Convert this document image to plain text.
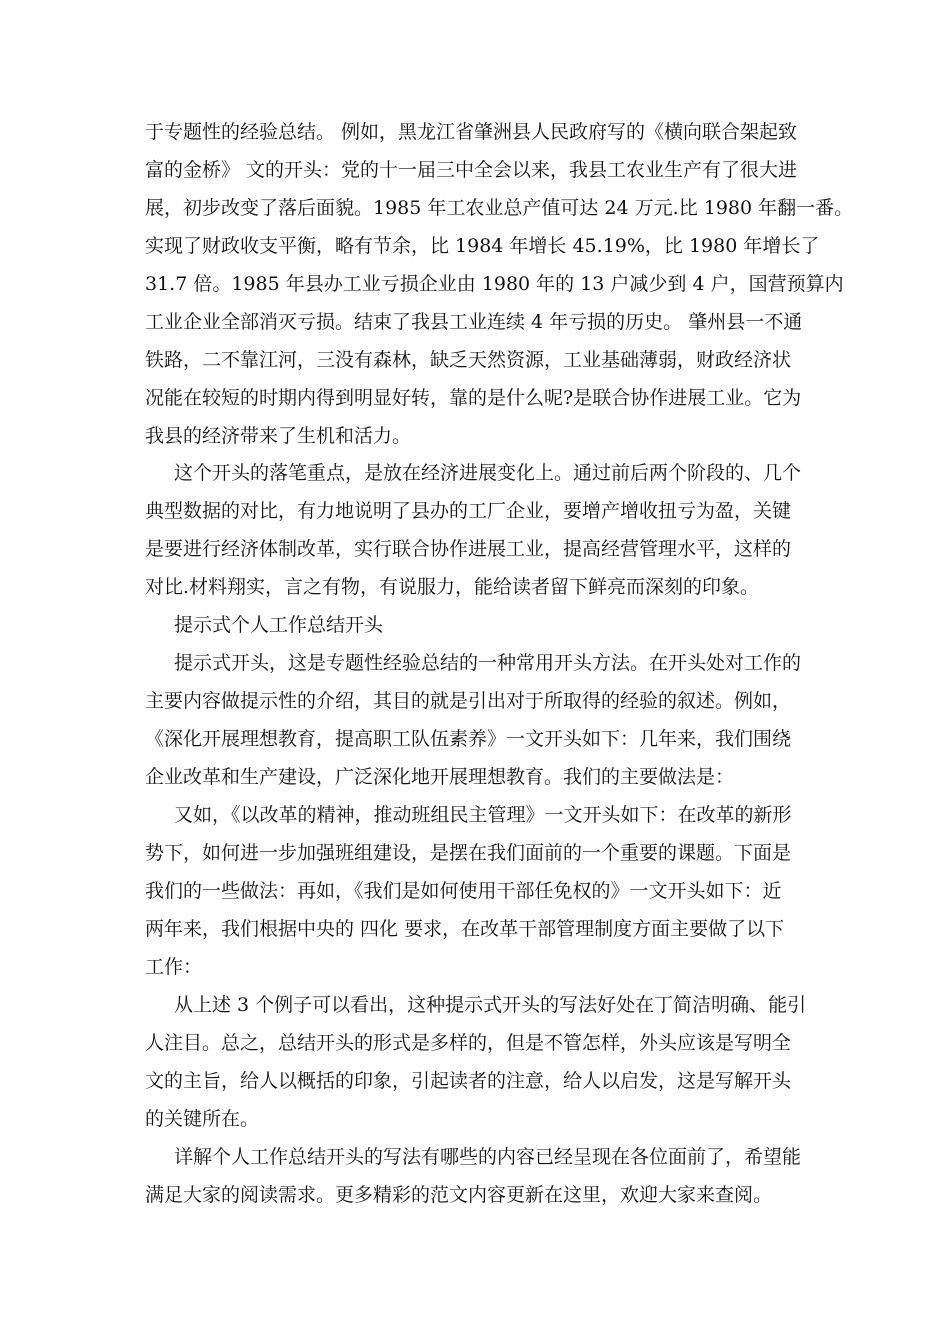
于专题性的经验总结。 例如，黑龙江省肇洲县人民政府写的《横向联合架起致
富的金桥》 文的开头：党的十一届三中全会以来，我县工农业生产有了很大进
展，初步改变了落后面貌。1985 年工农业总产值可达 24 万元.比 1980 年翻一番。
实现了财政收支平衡，略有节余，比 1984 年增长 45.19%，比 1980 年增长了
31.7 倍。1985 年县办工业亏损企业由 1980 年的 13 户减少到 4 户，国营预算内
工业企业全部消灭亏损。结束了我县工业连续 4 年亏损的历史。 肇州县一不通
铁路，二不靠江河，三没有森林，缺乏天然资源，工业基础薄弱，财政经济状
况能在较短的时期内得到明显好转，靠的是什么呢?是联合协作进展工业。它为
我县的经济带来了生机和活力。
这个开头的落笔重点，是放在经济进展变化上。通过前后两个阶段的、几个
典型数据的对比，有力地说明了县办的工厂企业，要增产增收扭亏为盈，关键
是要进行经济体制改革，实行联合协作进展工业，提高经营管理水平，这样的
对比.材料翔实，言之有物，有说服力，能给读者留下鲜亮而深刻的印象。
提示式个人工作总结开头
提示式开头，这是专题性经验总结的一种常用开头方法。在开头处对工作的
主要内容做提示性的介绍，其目的就是引出对于所取得的经验的叙述。例如，
《深化开展理想教育，提高职工队伍素养》一文开头如下：几年来，我们围绕
企业改革和生产建设，广泛深化地开展理想教育。我们的主要做法是：
又如，《以改革的精神，推动班组民主管理》一文开头如下：在改革的新形
势下，如何进一步加强班组建设，是摆在我们面前的一个重要的课题。下面是
我们的一些做法：再如，《我们是如何使用干部任免权的》一文开头如下：近
两年来，我们根据中央的 四化 要求，在改革干部管理制度方面主要做了以下
工作：
从上述 3 个例子可以看出，这种提示式开头的写法好处在丁简洁明确、能引
人注目。总之，总结开头的形式是多样的，但是不管怎样，外头应该是写明全
文的主旨，给人以概括的印象，引起读者的注意，给人以启发，这是写解开头
的关键所在。
详解个人工作总结开头的写法有哪些的内容已经呈现在各位面前了，希望能
满足大家的阅读需求。更多精彩的范文内容更新在这里，欢迎大家来查阅。
